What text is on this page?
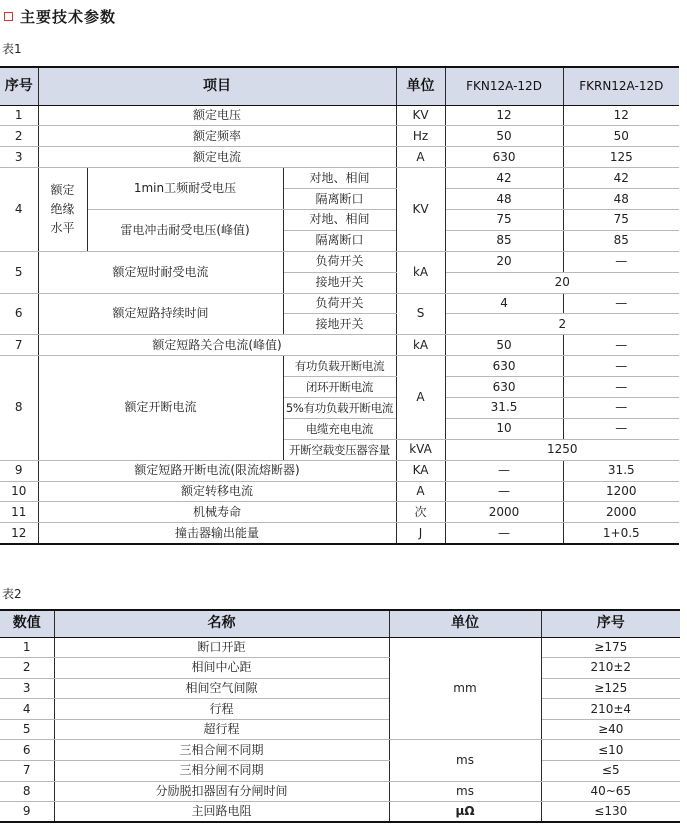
主要技术参数
表1
序号	项目			单位	FKN12A-12D	FKRN12A-12D
1	额定电压			KV	12	12
2	额定频率			Hz	50	50
3	额定电流			A	630	125
4	额定绝缘水平	1min工频耐受电压	对地、相间	KV	42	42
			隔离断口		48	48
		雷电冲击耐受电压(峰值)	对地、相间		75	75
			隔离断口		85	85
5	额定短时耐受电流		负荷开关	kA	20	—
			接地开关		20	
6	额定短路持续时间		负荷开关	S	4	—
			接地开关		2	
7	额定短路关合电流(峰值)			kA	50	—
8	额定开断电流		有功负载开断电流	A	630	—
			闭环开断电流		630	—
			5%有功负载开断电流		31.5	—
			电缆充电电流		10	—
			开断空载变压器容量	kVA	1250	
9	额定短路开断电流(限流熔断器)			KA	—	31.5
10	额定转移电流			A	—	1200
11	机械寿命			次	2000	2000
12	撞击器输出能量			J	—	1+0.5
表2
数值	名称	单位	序号
1	断口开距	mm	≥175
2	相间中心距		210±2
3	相间空气间隙		≥125
4	行程		210±4
5	超行程		≥40
6	三相合闸不同期	ms	≤10
7	三相分闸不同期		≤5
8	分励脱扣器固有分闸时间	ms	40~65
9	主回路电阻	μΩ	≤130
